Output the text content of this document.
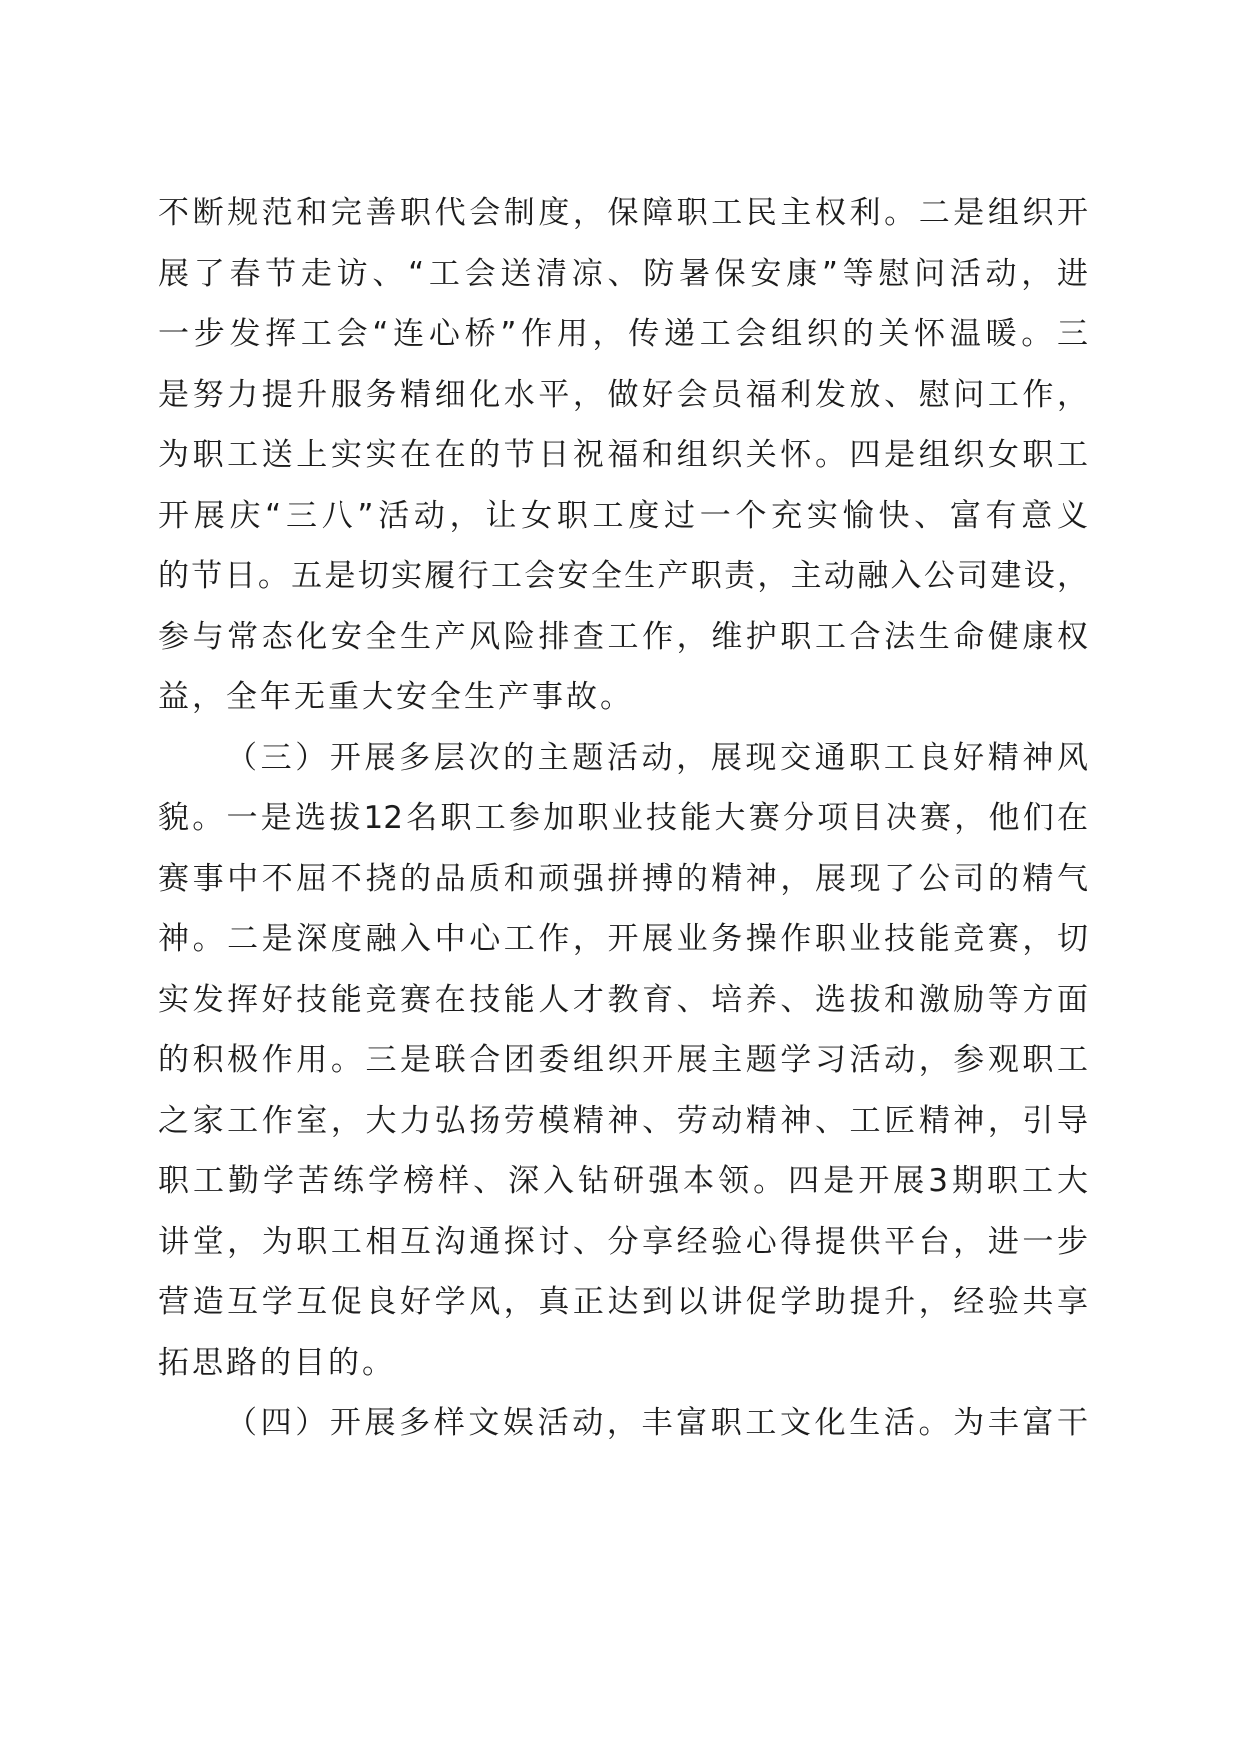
不断规范和完善职代会制度，保障职工民主权利。二是组织开
展了春节走访、“工会送清凉、防暑保安康”等慰问活动，进
一步发挥工会“连心桥”作用，传递工会组织的关怀温暖。三
是努力提升服务精细化水平，做好会员福利发放、慰问工作，
为职工送上实实在在的节日祝福和组织关怀。四是组织女职工
开展庆“三八”活动，让女职工度过一个充实愉快、富有意义
的节日。五是切实履行工会安全生产职责，主动融入公司建设，
参与常态化安全生产风险排查工作，维护职工合法生命健康权
益，全年无重大安全生产事故。
（三）开展多层次的主题活动，展现交通职工良好精神风
貌。一是选拔12名职工参加职业技能大赛分项目决赛，他们在
赛事中不屈不挠的品质和顽强拼搏的精神，展现了公司的精气
神。二是深度融入中心工作，开展业务操作职业技能竞赛，切
实发挥好技能竞赛在技能人才教育、培养、选拔和激励等方面
的积极作用。三是联合团委组织开展主题学习活动，参观职工
之家工作室，大力弘扬劳模精神、劳动精神、工匠精神，引导
职工勤学苦练学榜样、深入钻研强本领。四是开展3期职工大
讲堂，为职工相互沟通探讨、分享经验心得提供平台，进一步
营造互学互促良好学风，真正达到以讲促学助提升，经验共享
拓思路的目的。
（四）开展多样文娱活动，丰富职工文化生活。为丰富干
